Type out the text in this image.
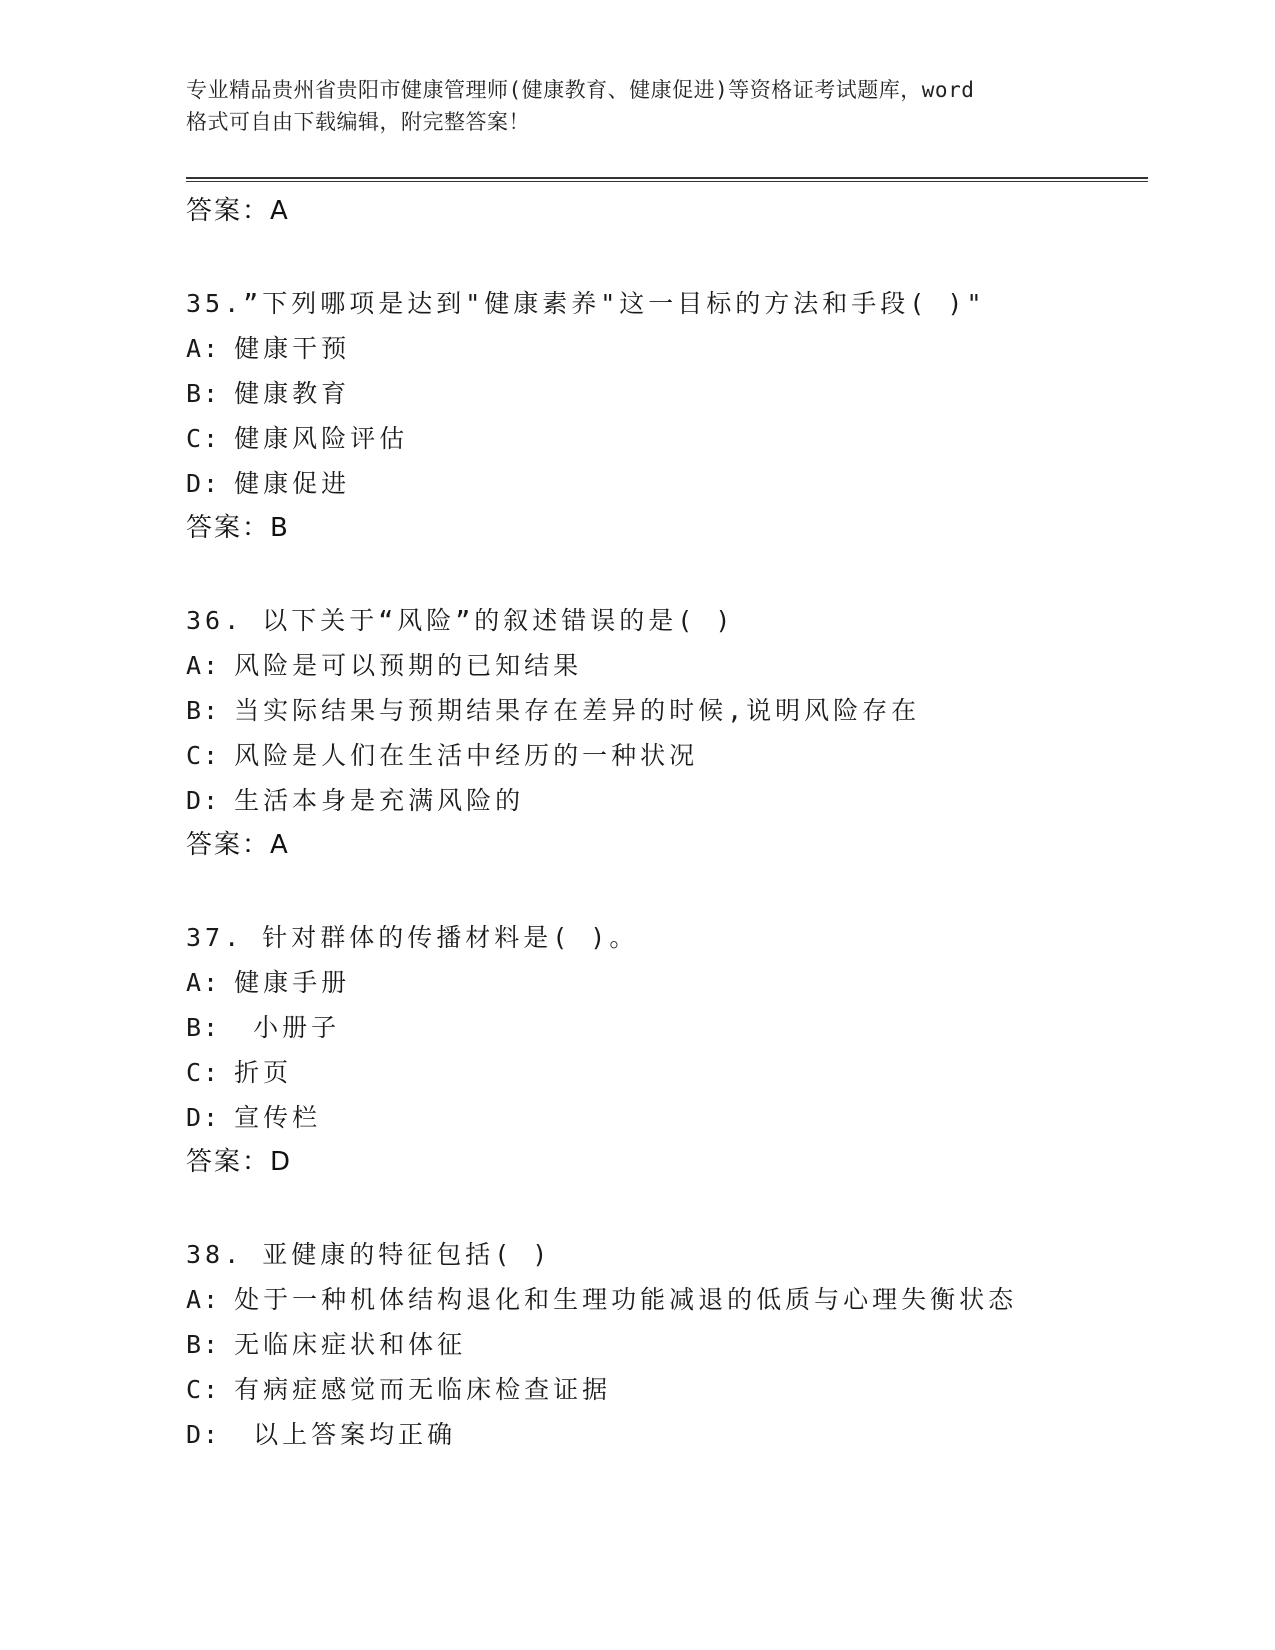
专业精品贵州省贵阳市健康管理师(健康教育、健康促进)等资格证考试题库，word
格式可自由下载编辑，附完整答案！
答案：A
35.”下列哪项是达到"健康素养"这一目标的方法和手段( )"
A: 健康干预
B: 健康教育
C: 健康风险评估
D: 健康促进
答案：B
36. 以下关于“风险”的叙述错误的是( )
A: 风险是可以预期的已知结果
B: 当实际结果与预期结果存在差异的时候,说明风险存在
C: 风险是人们在生活中经历的一种状况
D: 生活本身是充满风险的
答案：A
37. 针对群体的传播材料是( )。
A: 健康手册
B: 小册子
C: 折页
D: 宣传栏
答案：D
38. 亚健康的特征包括( )
A: 处于一种机体结构退化和生理功能减退的低质与心理失衡状态
B: 无临床症状和体征
C: 有病症感觉而无临床检查证据
D: 以上答案均正确
